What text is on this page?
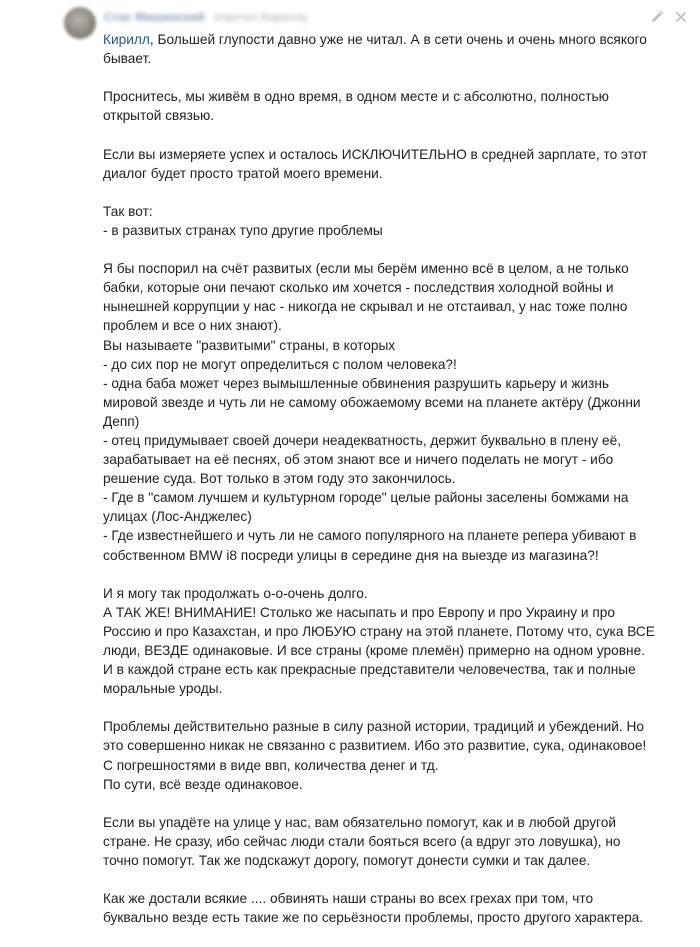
Стас Мишинский ответил Кириллу
Кирилл, Большей глупости давно уже не читал. А в сети очень и очень много всякого
бывает.
Проснитесь, мы живём в одно время, в одном месте и с абсолютно, полностью
открытой связью.
Если вы измеряете успех и осталось ИСКЛЮЧИТЕЛЬНО в средней зарплате, то этот
диалог будет просто тратой моего времени.
Так вот:
- в развитых странах тупо другие проблемы
Я бы поспорил на счёт развитых (если мы берём именно всё в целом, а не только
бабки, которые они печают сколько им хочется - последствия холодной войны и
нынешней коррупции у нас - никогда не скрывал и не отстаивал, у нас тоже полно
проблем и все о них знают).
Вы называете "развитыми" страны, в которых
- до сих пор не могут определиться с полом человека?!
- одна баба может через вымышленные обвинения разрушить карьеру и жизнь
мировой звезде и чуть ли не самому обожаемому всеми на планете актёру (Джонни
Депп)
- отец придумывает своей дочери неадекватность, держит буквально в плену её,
зарабатывает на её песнях, об этом знают все и ничего поделать не могут - ибо
решение суда. Вот только в этом году это закончилось.
- Где в "самом лучшем и культурном городе" целые районы заселены бомжами на
улицах (Лос-Анджелес)
- Где известнейшего и чуть ли не самого популярного на планете репера убивают в
собственном BMW i8 посреди улицы в середине дня на выезде из магазина?!
И я могу так продолжать о-о-очень долго.
А ТАК ЖЕ! ВНИМАНИЕ! Столько же насыпать и про Европу и про Украину и про
Россию и про Казахстан, и про ЛЮБУЮ страну на этой планете. Потому что, сука ВСЕ
люди, ВЕЗДЕ одинаковые. И все страны (кроме племён) примерно на одном уровне.
И в каждой стране есть как прекрасные представители человечества, так и полные
моральные уроды.
Проблемы действительно разные в силу разной истории, традиций и убеждений. Но
это совершенно никак не связанно с развитием. Ибо это развитие, сука, одинаковое!
С погрешностями в виде ввп, количества денег и тд.
По сути, всё везде одинаковое.
Если вы упадёте на улице у нас, вам обязательно помогут, как и в любой другой
стране. Не сразу, ибо сейчас люди стали бояться всего (а вдруг это ловушка), но
точно помогут. Так же подскажут дорогу, помогут донести сумки и так далее.
Как же достали всякие .... обвинять наши страны во всех грехах при том, что
буквально везде есть такие же по серьёзности проблемы, просто другого характера.
